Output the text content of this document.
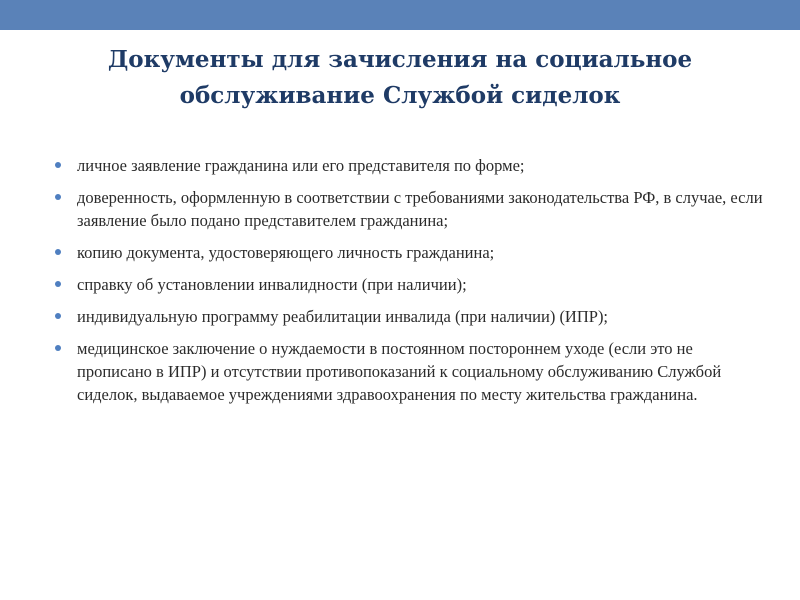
Документы для зачисления на социальное обслуживание Службой сиделок
личное заявление гражданина или его представителя по форме;
доверенность, оформленную в соответствии с требованиями законодательства РФ, в случае, если заявление было подано представителем гражданина;
копию документа, удостоверяющего личность гражданина;
справку об установлении инвалидности (при наличии);
индивидуальную программу реабилитации инвалида (при наличии) (ИПР);
медицинское заключение о нуждаемости в постоянном постороннем уходе (если это не прописано в ИПР) и отсутствии противопоказаний к социальному обслуживанию Службой сиделок, выдаваемое учреждениями здравоохранения по месту жительства гражданина.
